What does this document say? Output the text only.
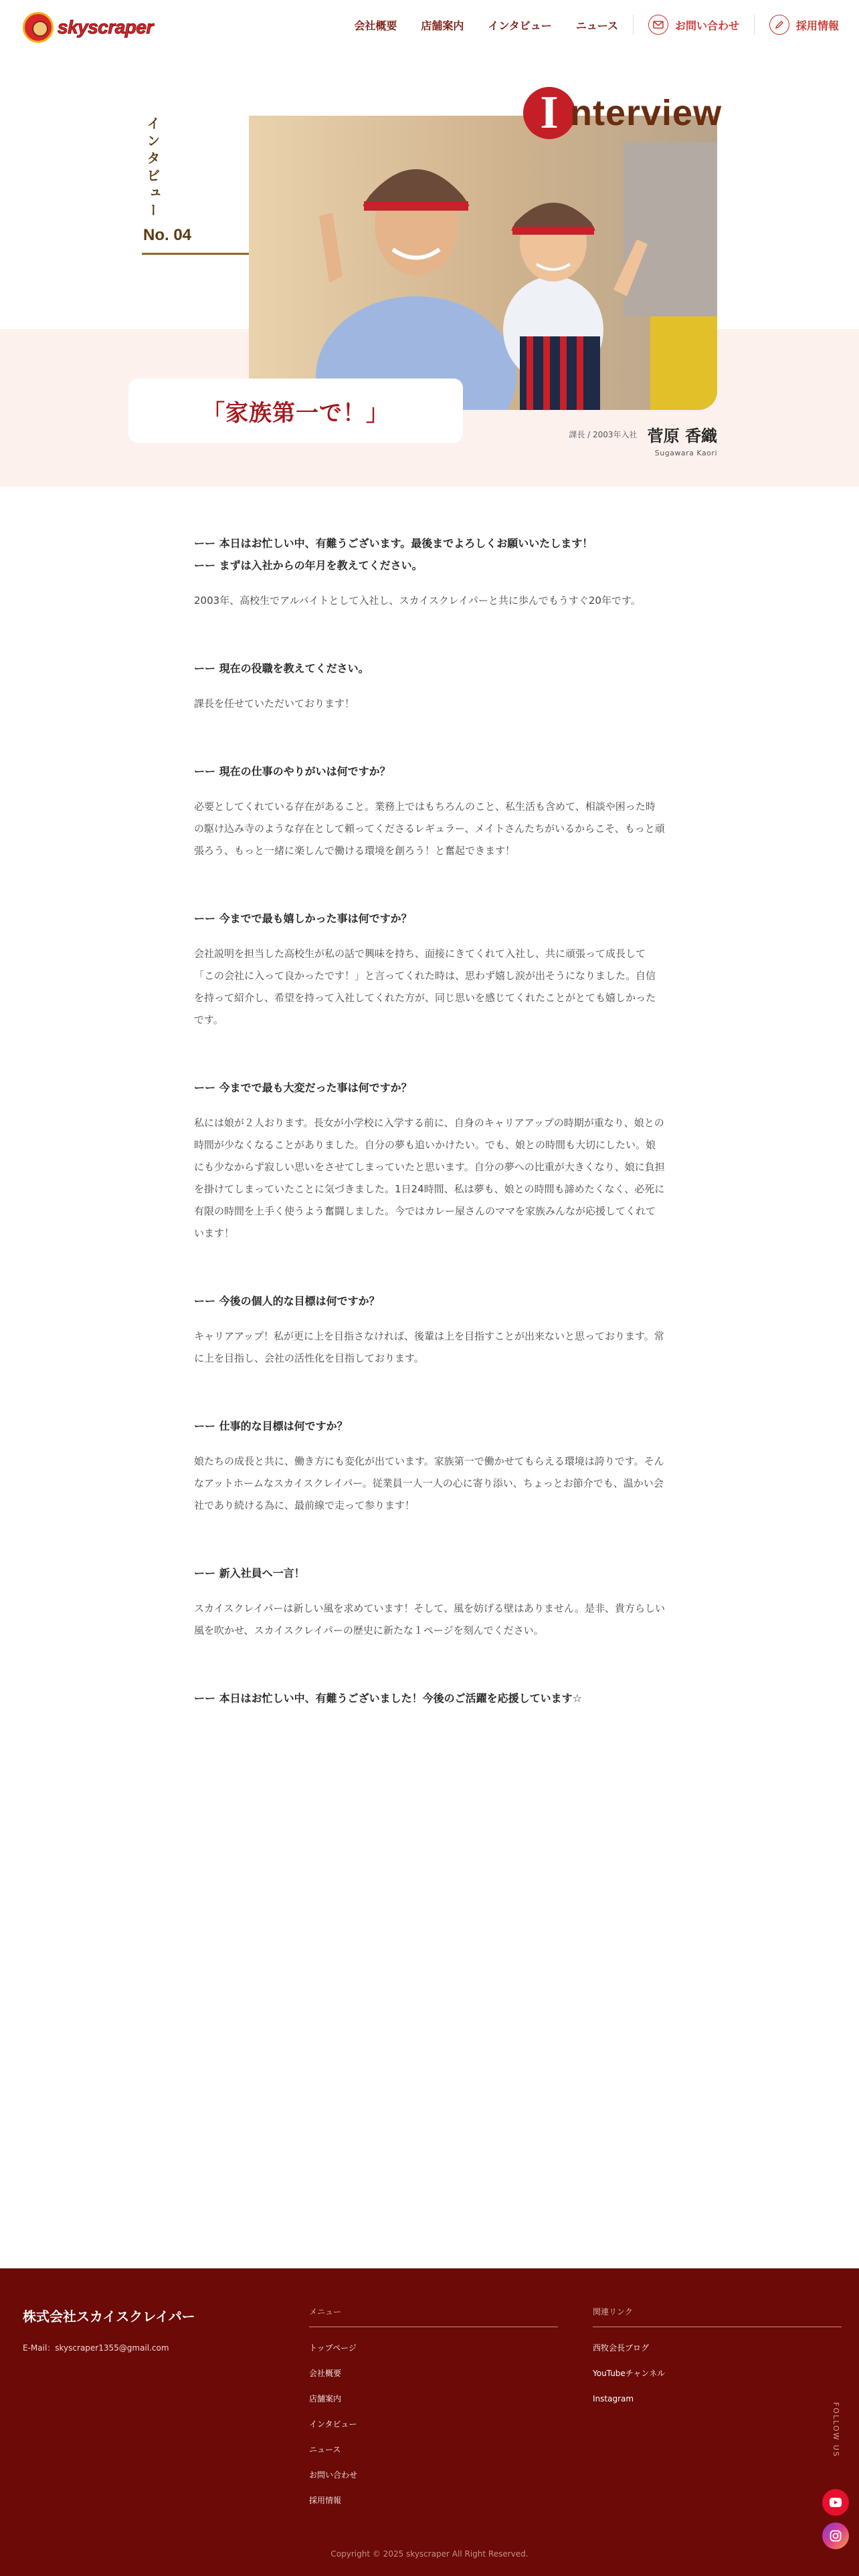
skyscraper	会社概要 店舗案内 インタビュー ニュース	お問い合わせ	採用情報
インタビュー
No. 04
I nterview
「家族第一で！」
課長 / 2003年入社 菅原 香織
Sugawara Kaori

ーー 本日はお忙しい中、有難うございます。最後までよろしくお願いいたします！

ーー まずは入社からの年月を教えてください。

2003年、高校生でアルバイトとして入社し、スカイスクレイパーと共に歩んでもうすぐ20年です。

ーー 現在の役職を教えてください。

課長を任せていただいております！

ーー 現在の仕事のやりがいは何ですか？

必要としてくれている存在があること。業務上ではもちろんのこと、私生活も含めて、相談や困った時の駆け込み寺のような存在として頼ってくださるレギュラー、メイトさんたちがいるからこそ、もっと頑張ろう、もっと一緒に楽しんで働ける環境を創ろう！と奮起できます！

ーー 今までで最も嬉しかった事は何ですか？

会社説明を担当した高校生が私の話で興味を持ち、面接にきてくれて入社し、共に頑張って成長して「この会社に入って良かったです！」と言ってくれた時は、思わず嬉し涙が出そうになりました。自信を持って紹介し、希望を持って入社してくれた方が、同じ思いを感じてくれたことがとても嬉しかったです。

ーー 今までで最も大変だった事は何ですか？

私には娘が２人おります。長女が小学校に入学する前に、自身のキャリアアップの時期が重なり、娘との時間が少なくなることがありました。自分の夢も追いかけたい。でも、娘との時間も大切にしたい。娘にも少なからず寂しい思いをさせてしまっていたと思います。自分の夢への比重が大きくなり、娘に負担を掛けてしまっていたことに気づきました。1日24時間、私は夢も、娘との時間も諦めたくなく、必死に有限の時間を上手く使うよう奮闘しました。今ではカレー屋さんのママを家族みんなが応援してくれています！

ーー 今後の個人的な目標は何ですか？

キャリアアップ！私が更に上を目指さなければ、後輩は上を目指すことが出来ないと思っております。常に上を目指し、会社の活性化を目指しております。

ーー 仕事的な目標は何ですか？

娘たちの成長と共に、働き方にも変化が出ています。家族第一で働かせてもらえる環境は誇りです。そんなアットホームなスカイスクレイパー。従業員一人一人の心に寄り添い、ちょっとお節介でも、温かい会社であり続ける為に、最前線で走って参ります！

ーー 新入社員へ一言！

スカイスクレイパーは新しい風を求めています！そして、風を妨げる壁はありません。是非、貴方らしい風を吹かせ、スカイスクレイパーの歴史に新たな１ページを刻んでください。

ーー 本日はお忙しい中、有難うございました！今後のご活躍を応援しています☆

株式会社スカイスクレイパー
E-Mail：skyscraper1355@gmail.com
メニュー
トップページ
会社概要
店舗案内
インタビュー
ニュース
お問い合わせ
採用情報
関連リンク
西牧会長ブログ
YouTubeチャンネル
Instagram
FOLLOW US
Copyright © 2025 skyscraper All Right Reserved.
